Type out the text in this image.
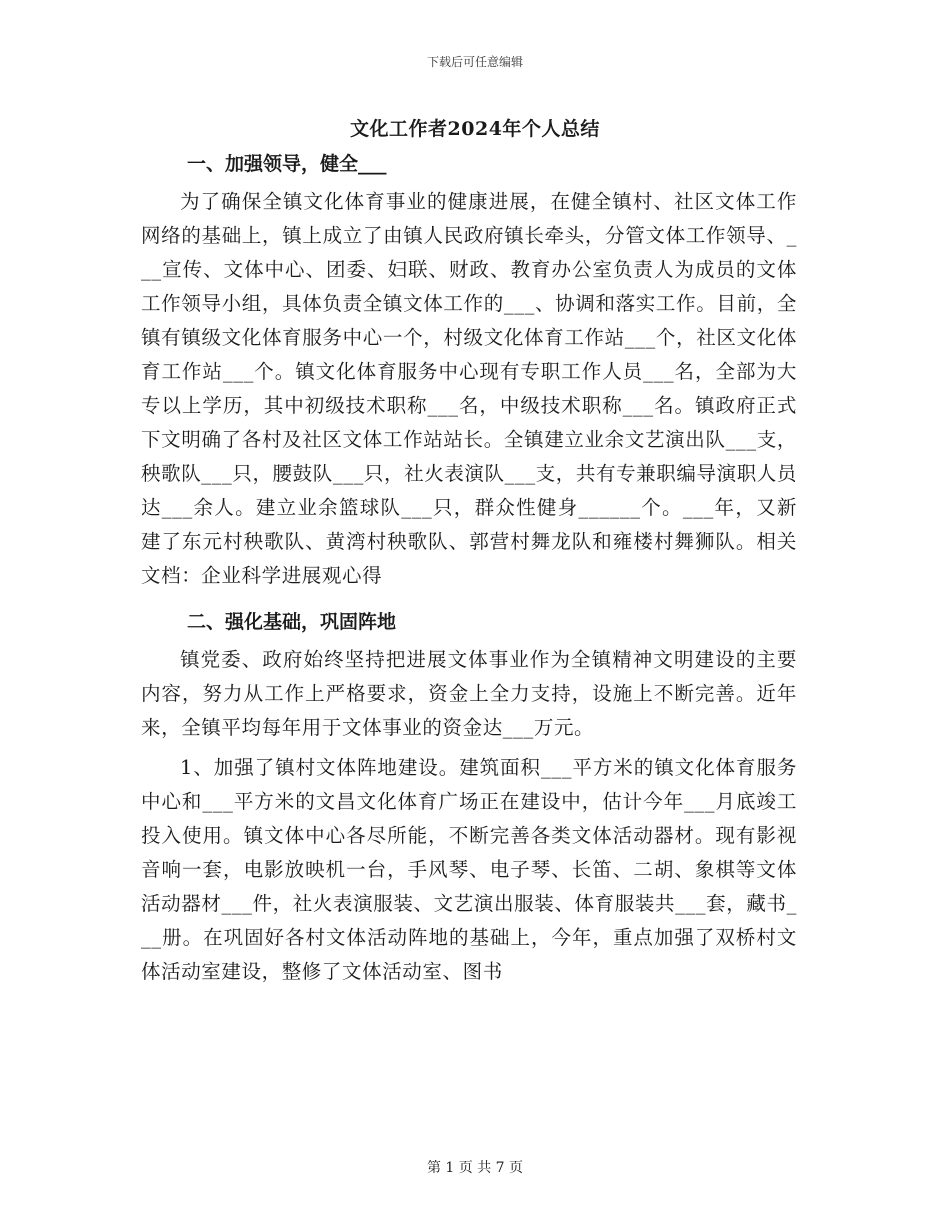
下载后可任意编辑
文化工作者2024年个人总结

一、加强领导，健全___

为了确保全镇文化体育事业的健康进展，在健全镇村、社区文体工作网络的基础上，镇上成立了由镇人民政府镇长牵头，分管文体工作领导、___宣传、文体中心、团委、妇联、财政、教育办公室负责人为成员的文体工作领导小组，具体负责全镇文体工作的___、协调和落实工作。目前，全镇有镇级文化体育服务中心一个，村级文化体育工作站___个，社区文化体育工作站___个。镇文化体育服务中心现有专职工作人员___名，全部为大专以上学历，其中初级技术职称___名，中级技术职称___名。镇政府正式下文明确了各村及社区文体工作站站长。全镇建立业余文艺演出队___支，秧歌队___只，腰鼓队___只，社火表演队___支，共有专兼职编导演职人员达___余人。建立业余篮球队___只，群众性健身______个。___年，又新建了东元村秧歌队、黄湾村秧歌队、郭营村舞龙队和雍楼村舞狮队。相关文档：企业科学进展观心得

二、强化基础，巩固阵地

镇党委、政府始终坚持把进展文体事业作为全镇精神文明建设的主要内容，努力从工作上严格要求，资金上全力支持，设施上不断完善。近年来，全镇平均每年用于文体事业的资金达___万元。

1、加强了镇村文体阵地建设。建筑面积___平方米的镇文化体育服务中心和___平方米的文昌文化体育广场正在建设中，估计今年___月底竣工投入使用。镇文体中心各尽所能，不断完善各类文体活动器材。现有影视音响一套，电影放映机一台，手风琴、电子琴、长笛、二胡、象棋等文体活动器材___件，社火表演服装、文艺演出服装、体育服装共___套，藏书___册。在巩固好各村文体活动阵地的基础上，今年，重点加强了双桥村文体活动室建设，整修了文体活动室、图书

第 1 页 共 7 页
